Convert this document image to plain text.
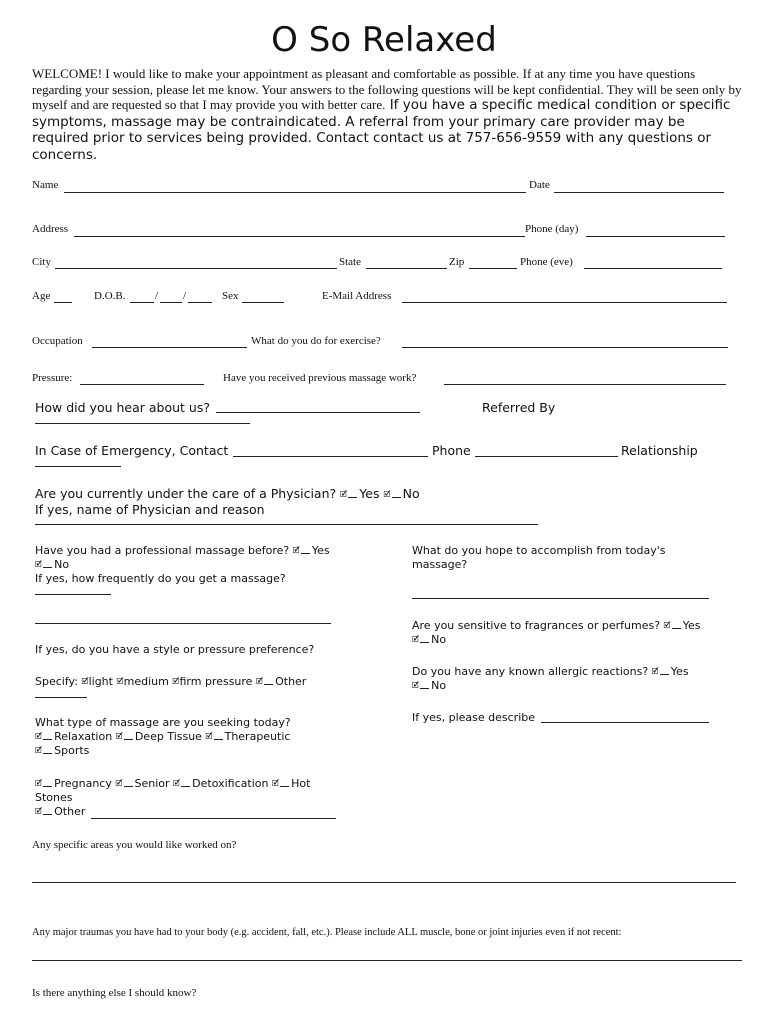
O So Relaxed
WELCOME! I would like to make your appointment as pleasant and comfortable as possible. If at any time you have questions regarding your session, please let me know. Your answers to the following questions will be kept confidential. They will be seen only by myself and are requested so that I may provide you with better care. If you have a specific medical condition or specific symptoms, massage may be contraindicated. A referral from your primary care provider may be required prior to services being provided. Contact contact us at 757-656-9559 with any questions or concerns.
Name	Date
Address	Phone (day)
City	State	Zip	Phone (eve)
Age	D.O.B.	/ /	Sex	E-Mail Address
Occupation	What do you do for exercise?
Pressure:	Have you received previous massage work?
How did you hear about us?	Referred By
In Case of Emergency, Contact	Phone	Relationship
Are you currently under the care of a Physician? 🗹 Yes 🗹 No
If yes, name of Physician and reason
Have you had a professional massage before? 🗹 Yes
🗹 No
If yes, how frequently do you get a massage?
If yes, do you have a style or pressure preference?
Specify: 🗹light 🗹medium 🗹firm pressure 🗹 Other
What type of massage are you seeking today?
🗹 Relaxation 🗹 Deep Tissue 🗹 Therapeutic
🗹 Sports
🗹 Pregnancy 🗹 Senior 🗹 Detoxification 🗹 Hot Stones
🗹 Other
What do you hope to accomplish from today's massage?
Are you sensitive to fragrances or perfumes? 🗹 Yes
🗹 No
Do you have any known allergic reactions? 🗹 Yes
🗹 No
If yes, please describe
Any specific areas you would like worked on?
Any major traumas you have had to your body (e.g. accident, fall, etc.). Please include ALL muscle, bone or joint injuries even if not recent:
Is there anything else I should know?
